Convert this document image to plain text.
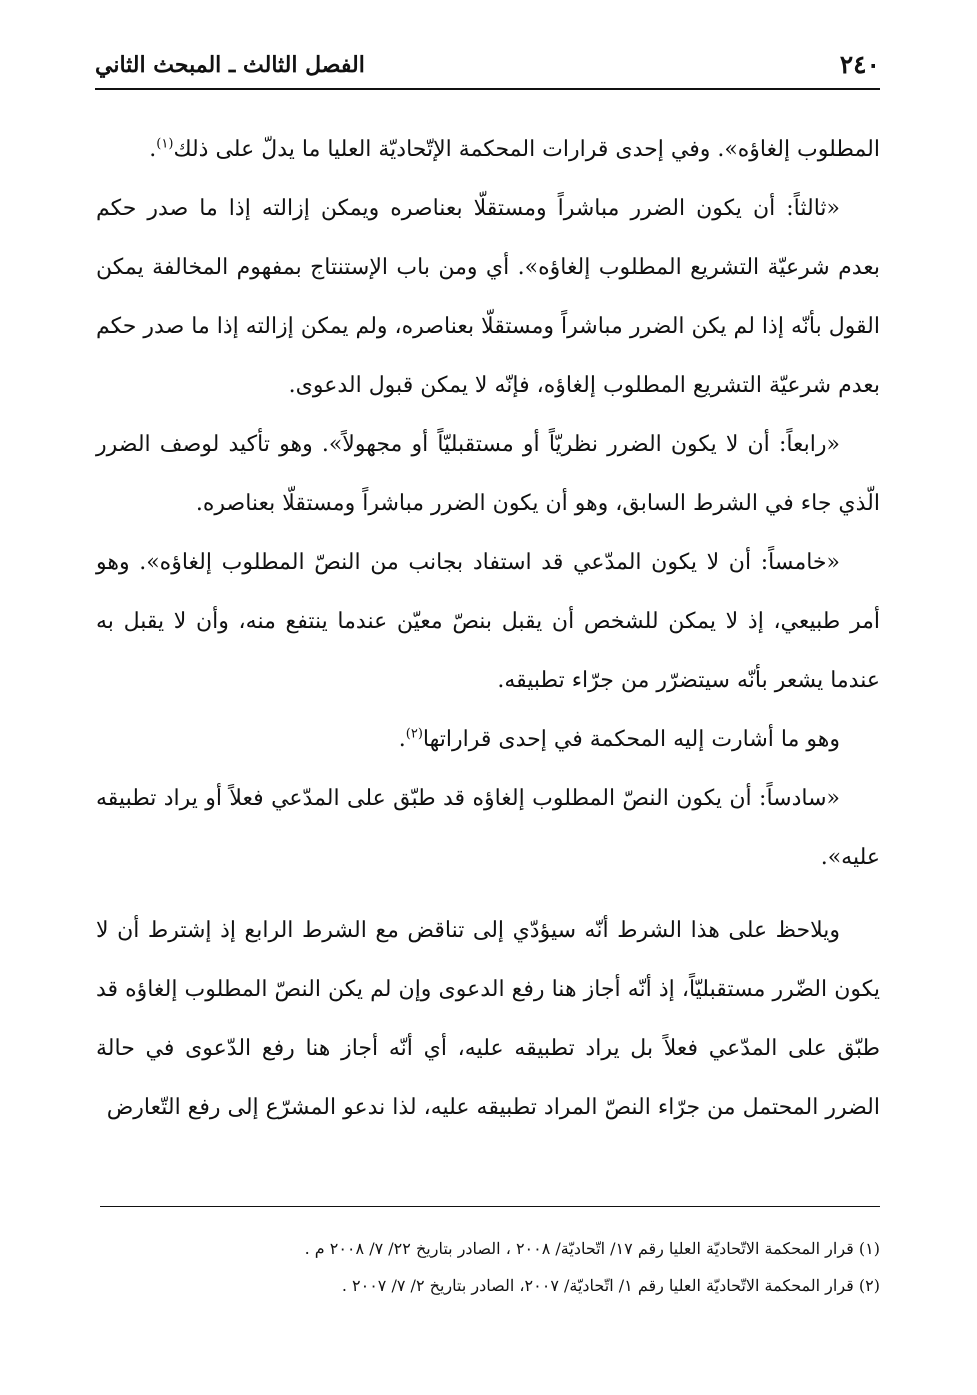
٢٤٠
الفصل الثالث ـ المبحث الثاني

المطلوب إلغاؤه». وفي إحدى قرارات المحكمة الإتّحاديّة العليا ما يدلّ على ذلك$^{(١)}$.

«ثالثاً: أن يكون الضرر مباشراً ومستقلّا بعناصره ويمكن إزالته إذا ما صدر حكم بعدم شرعيّة التشريع المطلوب إلغاؤه». أي ومن باب الإستنتاج بمفهوم المخالفة يمكن القول بأنّه إذا لم يكن الضرر مباشراً ومستقلّا بعناصره، ولم يمكن إزالته إذا ما صدر حكم بعدم شرعيّة التشريع المطلوب إلغاؤه، فإنّه لا يمكن قبول الدعوى.

«رابعاً: أن لا يكون الضرر نظريّاً أو مستقبليّاً أو مجهولاً». وهو تأكيد لوصف الضرر الّذي جاء في الشرط السابق، وهو أن يكون الضرر مباشراً ومستقلّا بعناصره.

«خامساً: أن لا يكون المدّعي قد استفاد بجانب من النصّ المطلوب إلغاؤه». وهو أمر طبيعي، إذ لا يمكن للشخص أن يقبل بنصّ معيّن عندما ينتفع منه، وأن لا يقبل به عندما يشعر بأنّه سيتضرّر من جرّاء تطبيقه.

وهو ما أشارت إليه المحكمة في إحدى قراراتها$^{(٢)}$.

«سادساً: أن يكون النصّ المطلوب إلغاؤه قد طبّق على المدّعي فعلاً أو يراد تطبيقه عليه».

ويلاحظ على هذا الشرط أنّه سيؤدّي إلى تناقض مع الشرط الرابع إذ إشترط أن لا يكون الضّرر مستقبليّاً، إذ أنّه أجاز هنا رفع الدعوى وإن لم يكن النصّ المطلوب إلغاؤه قد طبّق على المدّعي فعلاً بل يراد تطبيقه عليه، أي أنّه أجاز هنا رفع الدّعوى في حالة الضرر المحتمل من جرّاء النصّ المراد تطبيقه عليه، لذا ندعو المشرّع إلى رفع التّعارض

(١) قرار المحكمة الاتّحاديّة العليا رقم ١٧/ اتّحاديّة/ ٢٠٠٨ ، الصادر بتاريخ ٢٢/ ٧/ ٢٠٠٨ م .

(٢) قرار المحكمة الاتّحاديّة العليا رقم ١/ اتّحاديّة/ ٢٠٠٧، الصادر بتاريخ ٢/ ٧/ ٢٠٠٧ .
